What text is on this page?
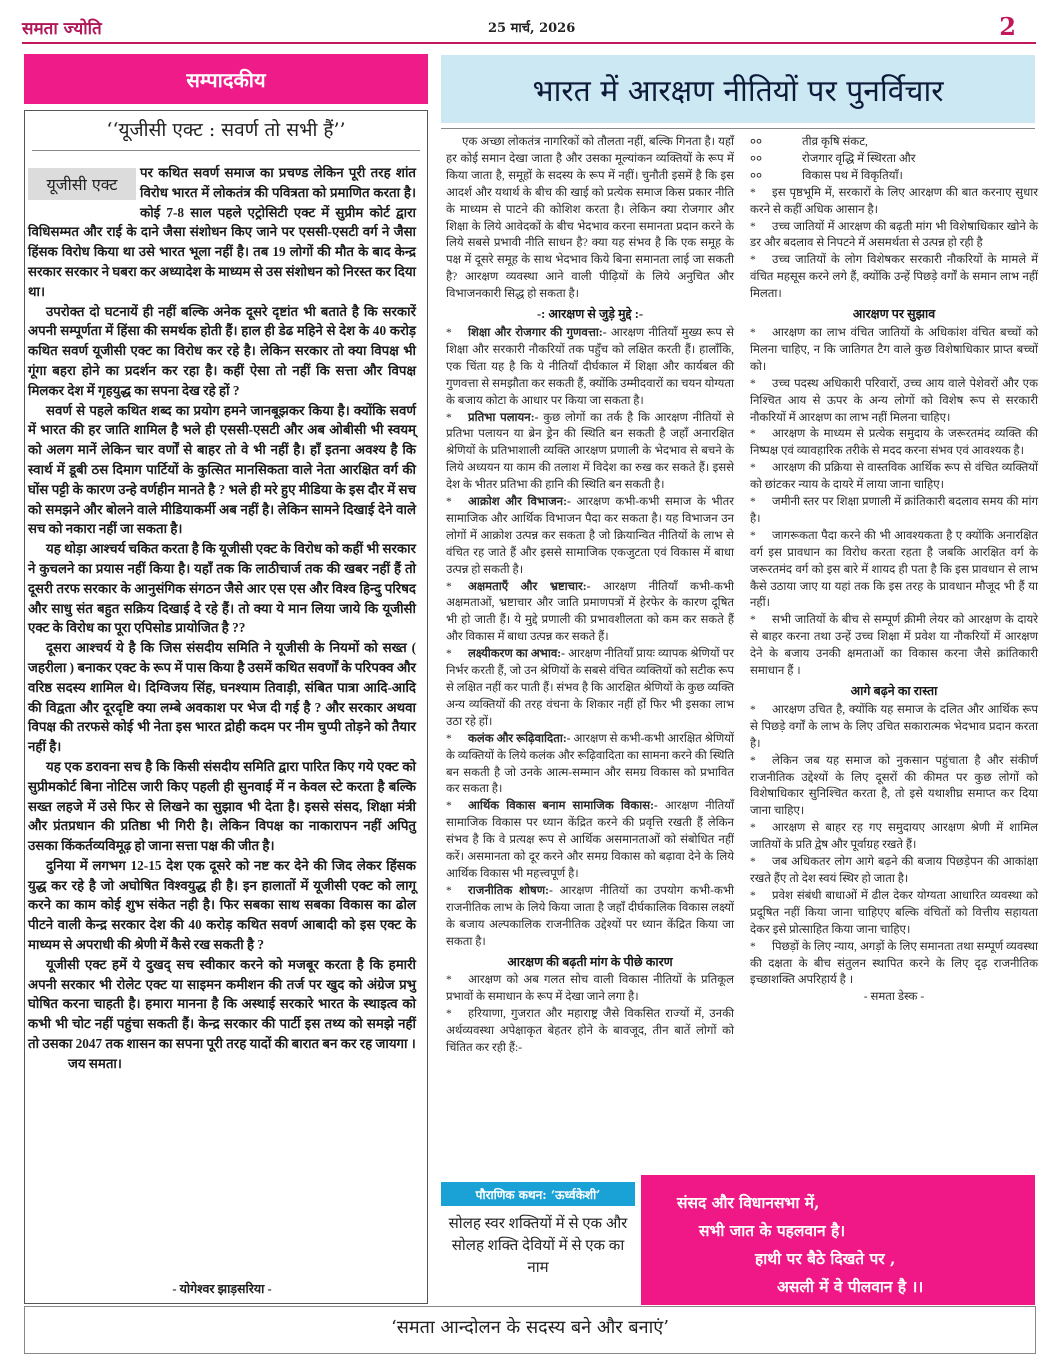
समता ज्योति	25 मार्च, 2026	2
सम्पादकीय
‘‘यूजीसी एक्ट : सवर्ण तो सभी हैं’’
यूजीसी एक्ट

पर कथित सवर्ण समाज का प्रचण्ड लेकिन पूरी तरह शांत विरोध भारत में लोकतंत्र की पवित्रता को प्रमाणित करता है। कोई 7-8 साल पहले एट्रोसिटी एक्ट में सुप्रीम कोर्ट द्वारा विधिसम्मत और राई के दाने जैसा संशोधन किए जाने पर एससी-एसटी वर्ग ने जैसा हिंसक विरोध किया था उसे भारत भूला नहीं है। तब 19 लोगों की मौत के बाद केन्द्र सरकार सरकार ने घबरा कर अध्यादेश के माध्यम से उस संशोधन को निरस्त कर दिया था।

उपरोक्त दो घटनायें ही नहीं बल्कि अनेक दूसरे दृष्टांत भी बताते है कि सरकारें अपनी सम्पूर्णता में हिंसा की समर्थक होती हैं। हाल ही डेढ महिने से देश के 40 करोड़ कथित सवर्ण यूजीसी एक्ट का विरोध कर रहे है। लेकिन सरकार तो क्या विपक्ष भी गूंगा बहरा होने का प्रदर्शन कर रहा है। कहीं ऐसा तो नहीं कि सत्ता और विपक्ष मिलकर देश में गृहयुद्ध का सपना देख रहे हों ?

सवर्ण से पहले कथित शब्द का प्रयोग हमने जानबूझकर किया है। क्योंकि सवर्ण में भारत की हर जाति शामिल है भले ही एससी-एसटी और अब ओबीसी भी स्वयम् को अलग मानें लेकिन चार वर्णों से बाहर तो वे भी नहीं है। हाँ इतना अवश्य है कि स्वार्थ में डूबी ठस दिमाग पार्टियों के कुत्सित मानसिकता वाले नेता आरक्षित वर्ग की घोंस पट्टी के कारण उन्हे वर्णहीन मानते है ? भले ही मरे हुए मीडिया के इस दौर में सच को समझने और बोलने वाले मीडियाकर्मी अब नहीं है। लेकिन सामने दिखाई देने वाले सच को नकारा नहीं जा सकता है।

यह थोड़ा आश्चर्य चकित करता है कि यूजीसी एक्ट के विरोध को कहीं भी सरकार ने कुचलने का प्रयास नहीं किया है। यहाँ तक कि लाठीचार्ज तक की खबर नहीं हैं तो दूसरी तरफ सरकार के आनुसंगिक संगठन जैसे आर एस एस और विश्व हिन्दु परिषद और साधु संत बहुत सक्रिय दिखाई दे रहे हैं। तो क्या ये मान लिया जाये कि यूजीसी एक्ट के विरोध का पूरा एपिसोड प्रायोजित है ??

दूसरा आश्चर्य ये है कि जिस संसदीय समिति ने यूजीसी के नियमों को सख्त ( जहरीला ) बनाकर एक्ट के रूप में पास किया है उसमें कथित सवर्णों के परिपक्व और वरिष्ठ सदस्य शामिल थे। दिग्विजय सिंह, घनश्याम तिवाड़ी, संबित पात्रा आदि-आदि की विद्वता और दूरदृष्टि क्या लम्बे अवकाश पर भेज दी गई है ? और सरकार अथवा विपक्ष की तरफसे कोई भी नेता इस भारत द्रोही कदम पर नीम चुप्पी तोड़ने को तैयार नहीं है।

यह एक डरावना सच है कि किसी संसदीय समिति द्वारा पारित किए गये एक्ट को सुप्रीमकोर्ट बिना नोटिस जारी किए पहली ही सुनवाई में न केवल स्टे करता है बल्कि सख्त लहजे में उसे फिर से लिखने का सुझाव भी देता है। इससे संसद, शिक्षा मंत्री और प्रंतप्रधान की प्रतिष्ठा भी गिरी है। लेकिन विपक्ष का नाकारापन नहीं अपितु उसका किंकर्तव्यविमूढ़ हो जाना सत्ता पक्ष की जीत है।

दुनिया में लगभग 12-15 देश एक दूसरे को नष्ट कर देने की जिद लेकर हिंसक युद्ध कर रहे है जो अघोषित विश्वयुद्ध ही है। इन हालातों में यूजीसी एक्ट को लागू करने का काम कोई शुभ संकेत नही है। फिर सबका साथ सबका विकास का ढोल पीटने वाली केन्द्र सरकार देश की 40 करोड़ कथित सवर्ण आबादी को इस एक्ट के माध्यम से अपराधी की श्रेणी में कैसे रख सकती है ?

यूजीसी एक्ट हमें ये दुखद् सच स्वीकार करने को मजबूर करता है कि हमारी अपनी सरकार भी रोलेट एक्ट या साइमन कमीशन की तर्ज पर खुद को अंग्रेज प्रभु घोषित करना चाहती है। हमारा मानना है कि अस्थाई सरकारे भारत के स्थाइत्व को कभी भी चोट नहीं पहुंचा सकती हैं। केन्द्र सरकार की पार्टी इस तथ्य को समझे नहीं तो उसका 2047 तक शासन का सपना पूरी तरह यादों की बारात बन कर रह जायगा ।

जय समता।

- योगेश्वर झाड़सरिया -
भारत में आरक्षण नीतियों पर पुनर्विचार

एक अच्छा लोकतंत्र नागरिकों को तौलता नहीं, बल्कि गिनता है। यहाँ हर कोई समान देखा जाता है और उसका मूल्यांकन व्यक्तियों के रूप में किया जाता है, समूहों के सदस्य के रूप में नहीं। चुनौती इसमें है कि इस आदर्श और यथार्थ के बीच की खाई को प्रत्येक समाज किस प्रकार नीति के माध्यम से पाटने की कोशिश करता है। लेकिन क्या रोजगार और शिक्षा के लिये आवेदकों के बीच भेदभाव करना समानता प्रदान करने के लिये सबसे प्रभावी नीति साधन है? क्या यह संभव है कि एक समूह के पक्ष में दूसरे समूह के साथ भेदभाव किये बिना समानता लाई जा सकती है? आरक्षण व्यवस्था आने वाली पीढ़ियों के लिये अनुचित और विभाजनकारी सिद्ध हो सकता है।

-: आरक्षण से जुड़े मुद्दे :-

* शिक्षा और रोजगार की गुणवत्ता:- आरक्षण नीतियाँ मुख्य रूप से शिक्षा और सरकारी नौकरियों तक पहुँच को लक्षित करती हैं। हालाँकि, एक चिंता यह है कि ये नीतियाँ दीर्घकाल में शिक्षा और कार्यबल की गुणवत्ता से समझौता कर सकती हैं, क्योंकि उम्मीदवारों का चयन योग्यता के बजाय कोटा के आधार पर किया जा सकता है।

* प्रतिभा पलायन:- कुछ लोगों का तर्क है कि आरक्षण नीतियों से प्रतिभा पलायन या ब्रेन ड्रेन की स्थिति बन सकती है जहाँ अनारक्षित श्रेणियों के प्रतिभाशाली व्यक्ति आरक्षण प्रणाली के भेदभाव से बचने के लिये अध्ययन या काम की तलाश में विदेश का रुख कर सकते हैं। इससे देश के भीतर प्रतिभा की हानि की स्थिति बन सकती है।

* आक्रोश और विभाजन:- आरक्षण कभी-कभी समाज के भीतर सामाजिक और आर्थिक विभाजन पैदा कर सकता है। यह विभाजन उन लोगों में आक्रोश उत्पन्न कर सकता है जो क्रियान्वित नीतियों के लाभ से वंचित रह जाते हैं और इससे सामाजिक एकजुटता एवं विकास में बाधा उत्पन्न हो सकती है।

* अक्षमताएँ और भ्रष्टाचार:- आरक्षण नीतियाँ कभी-कभी अक्षमताओं, भ्रष्टाचार और जाति प्रमाणपत्रों में हेरफेर के कारण दूषित भी हो जाती हैं। ये मुद्दे प्रणाली की प्रभावशीलता को कम कर सकते हैं और विकास में बाधा उत्पन्न कर सकते हैं।

* लक्ष्यीकरण का अभाव:- आरक्षण नीतियाँ प्रायः व्यापक श्रेणियों पर निर्भर करती हैं, जो उन श्रेणियों के सबसे वंचित व्यक्तियों को सटीक रूप से लक्षित नहीं कर पाती हैं। संभव है कि आरक्षित श्रेणियों के कुछ व्यक्ति अन्य व्यक्तियों की तरह वंचना के शिकार नहीं होंं फिर भी इसका लाभ उठा रहे हों।

* कलंक और रूढ़िवादिता:- आरक्षण से कभी-कभी आरक्षित श्रेणियों के व्यक्तियों के लिये कलंक और रूढ़िवादिता का सामना करने की स्थिति बन सकती है जो उनके आत्म-सम्मान और समग्र विकास को प्रभावित कर सकता है।

* आर्थिक विकास बनाम सामाजिक विकास:- आरक्षण नीतियाँ सामाजिक विकास पर ध्यान केंद्रित करने की प्रवृत्ति रखती हैं लेकिन संभव है कि वे प्रत्यक्ष रूप से आर्थिक असमानताओं को संबोधित नहीं करें। असमानता को दूर करने और समग्र विकास को बढ़ावा देने के लिये आर्थिक विकास भी महत्त्वपूर्ण है।

* राजनीतिक शोषण:- आरक्षण नीतियों का उपयोग कभी-कभी राजनीतिक लाभ के लिये किया जाता है जहाँ दीर्घकालिक विकास लक्ष्यों के बजाय अल्पकालिक राजनीतिक उद्देश्यों पर ध्यान केंद्रित किया जा सकता है।

आरक्षण की बढ़ती मांग के पीछे कारण

* आरक्षण को अब गलत सोच वाली विकास नीतियों के प्रतिकूल प्रभावों के समाधान के रूप में देखा जाने लगा है।

* हरियाणा, गुजरात और महाराष्ट्र जैसे विकसित राज्यों में, उनकी अर्थव्यवस्था अपेक्षाकृत बेहतर होने के बावजूद, तीन बातें लोगों को चिंतित कर रही हैं:-

००	तीव्र कृषि संकट,
००	रोजगार वृद्धि में स्थिरता और
००	विकास पथ में विकृतियाँ।

* इस पृष्ठभूमि में, सरकारों के लिए आरक्षण की बात करनाए सुधार करने से कहीं अधिक आसान है।

* उच्च जातियों में आरक्षण की बढ़ती मांग भी विशेषाधिकार खोने के डर और बदलाव से निपटने में असमर्थता से उत्पन्न हो रही है

* उच्च जातियों के लोग विशेषकर सरकारी नौकरियों के मामले में वंचित महसूस करने लगे हैं, क्योंकि उन्हें पिछड़े वर्गों के समान लाभ नहीं मिलता।

आरक्षण पर सुझाव

* आरक्षण का लाभ वंचित जातियों के अधिकांश वंचित बच्चों को मिलना चाहिए, न कि जातिगत टैग वाले कुछ विशेषाधिकार प्राप्त बच्चों को।

* उच्च पदस्थ अधिकारी परिवारों, उच्च आय वाले पेशेवरों और एक निश्चित आय से ऊपर के अन्य लोगों को विशेष रूप से सरकारी नौकरियों में आरक्षण का लाभ नहीं मिलना चाहिए।

* आरक्षण के माध्यम से प्रत्येक समुदाय के जरूरतमंद व्यक्ति की निष्पक्ष एवं व्यावहारिक तरीके से मदद करना संभव एवं आवश्यक है।

* आरक्षण की प्रक्रिया से वास्तविक आर्थिक रूप से वंचित व्यक्तियों को छांटकर न्याय के दायरे में लाया जाना चाहिए।

* जमीनी स्तर पर शिक्षा प्रणाली में क्रांतिकारी बदलाव समय की मांग है।

* जागरूकता पैदा करने की भी आवश्यकता है ए क्योंकि अनारक्षित वर्ग इस प्रावधान का विरोध करता रहता है जबकि आरक्षित वर्ग के जरूरतमंद वर्ग को इस बारे में शायद ही पता है कि इस प्रावधान से लाभ कैसे उठाया जाए या यहां तक कि इस तरह के प्रावधान मौजूद भी हैं या नहीं।

* सभी जातियों के बीच से सम्पूर्ण क्रीमी लेयर को आरक्षण के दायरे से बाहर करना तथा उन्हें उच्च शिक्षा में प्रवेश या नौकरियों में आरक्षण देने के बजाय उनकी क्षमताओं का विकास करना जैसे क्रांतिकारी समाधान हैं ।

आगे बढ़ने का रास्ता

* आरक्षण उचित है, क्योंकि यह समाज के दलित और आर्थिक रूप से पिछड़े वर्गों के लाभ के लिए उचित सकारात्मक भेदभाव प्रदान करता है।

* लेकिन जब यह समाज को नुकसान पहुंचाता है और संकीर्ण राजनीतिक उद्देश्यों के लिए दूसरों की कीमत पर कुछ लोगों को विशेषाधिकार सुनिश्चित करता है, तो इसे यथाशीघ्र समाप्त कर दिया जाना चाहिए।

* आरक्षण से बाहर रह गए समुदायए आरक्षण श्रेणी में शामिल जातियों के प्रति द्वेष और पूर्वाग्रह रखते हैं।

* जब अधिकतर लोग आगे बढ़ने की बजाय पिछड़ेपन की आकांक्षा रखते हैंए तो देश स्वयं स्थिर हो जाता है।

* प्रवेश संबंधी बाधाओं में ढील देकर योग्यता आधारित व्यवस्था को प्रदूषित नहीं किया जाना चाहिएए बल्कि वंचितों को वित्तीय सहायता देकर इसे प्रोत्साहित किया जाना चाहिए।

* पिछड़ों के लिए न्याय, अगड़ों के लिए समानता तथा सम्पूर्ण व्यवस्था की दक्षता के बीच संतुलन स्थापित करने के लिए दृढ़ राजनीतिक इच्छाशक्ति अपरिहार्य है ।

- समता डेस्क -

पौराणिक कथन: ‘ऊर्ध्वकेशी’
सोलह स्वर शक्तियों में से एक और सोलह शक्ति देवियों में से एक का नाम
संसद और विधानसभा में,
सभी जात के पहलवान है।
हाथी पर बैठे दिखते पर ,
असली में वे पीलवान है ।।
‘समता आन्दोलन के सदस्य बने और बनाएं’
